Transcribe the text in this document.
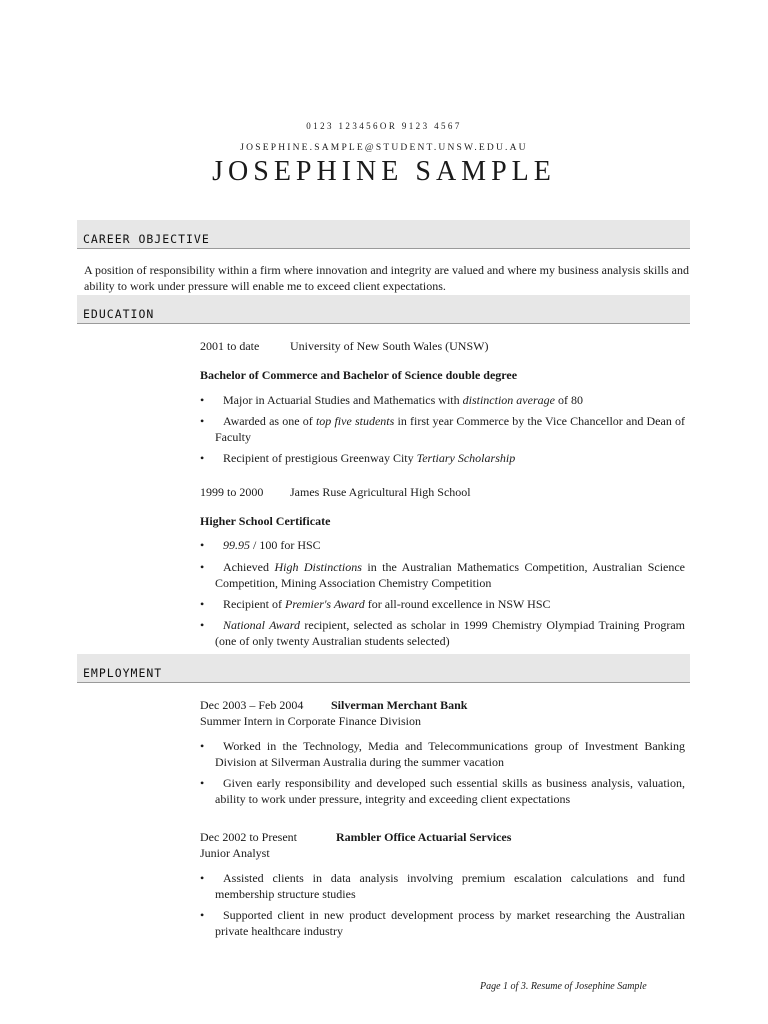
0123 123456OR 9123 4567
JOSEPHINE.SAMPLE@STUDENT.UNSW.EDU.AU
JOSEPHINE SAMPLE
CAREER OBJECTIVE
A position of responsibility within a firm where innovation and integrity are valued and where my business analysis skills and ability to work under pressure will enable me to exceed client expectations.
EDUCATION
2001 to date	University of New South Wales (UNSW)
Bachelor of Commerce and Bachelor of Science double degree
•	Major in Actuarial Studies and Mathematics with distinction average of 80
•	Awarded as one of top five students in first year Commerce by the Vice Chancellor and Dean of Faculty
•	Recipient of prestigious Greenway City Tertiary Scholarship
1999 to 2000 James Ruse Agricultural High School
Higher School Certificate
•	99.95 / 100 for HSC
•	Achieved High Distinctions in the Australian Mathematics Competition, Australian Science Competition, Mining Association Chemistry Competition
•	Recipient of Premier's Award for all-round excellence in NSW HSC
•	National Award recipient, selected as scholar in 1999 Chemistry Olympiad Training Program (one of only twenty Australian students selected)
EMPLOYMENT
Dec 2003 – Feb 2004 Silverman Merchant Bank
Summer Intern in Corporate Finance Division
•	Worked in the Technology, Media and Telecommunications group of Investment Banking Division at Silverman Australia during the summer vacation
•	Given early responsibility and developed such essential skills as business analysis, valuation, ability to work under pressure, integrity and exceeding client expectations
Dec 2002 to Present	Rambler Office Actuarial Services
Junior Analyst
•	Assisted clients in data analysis involving premium escalation calculations and fund membership structure studies
•	Supported client in new product development process by market researching the Australian private healthcare industry
Page 1 of 3. Resume of Josephine Sample
